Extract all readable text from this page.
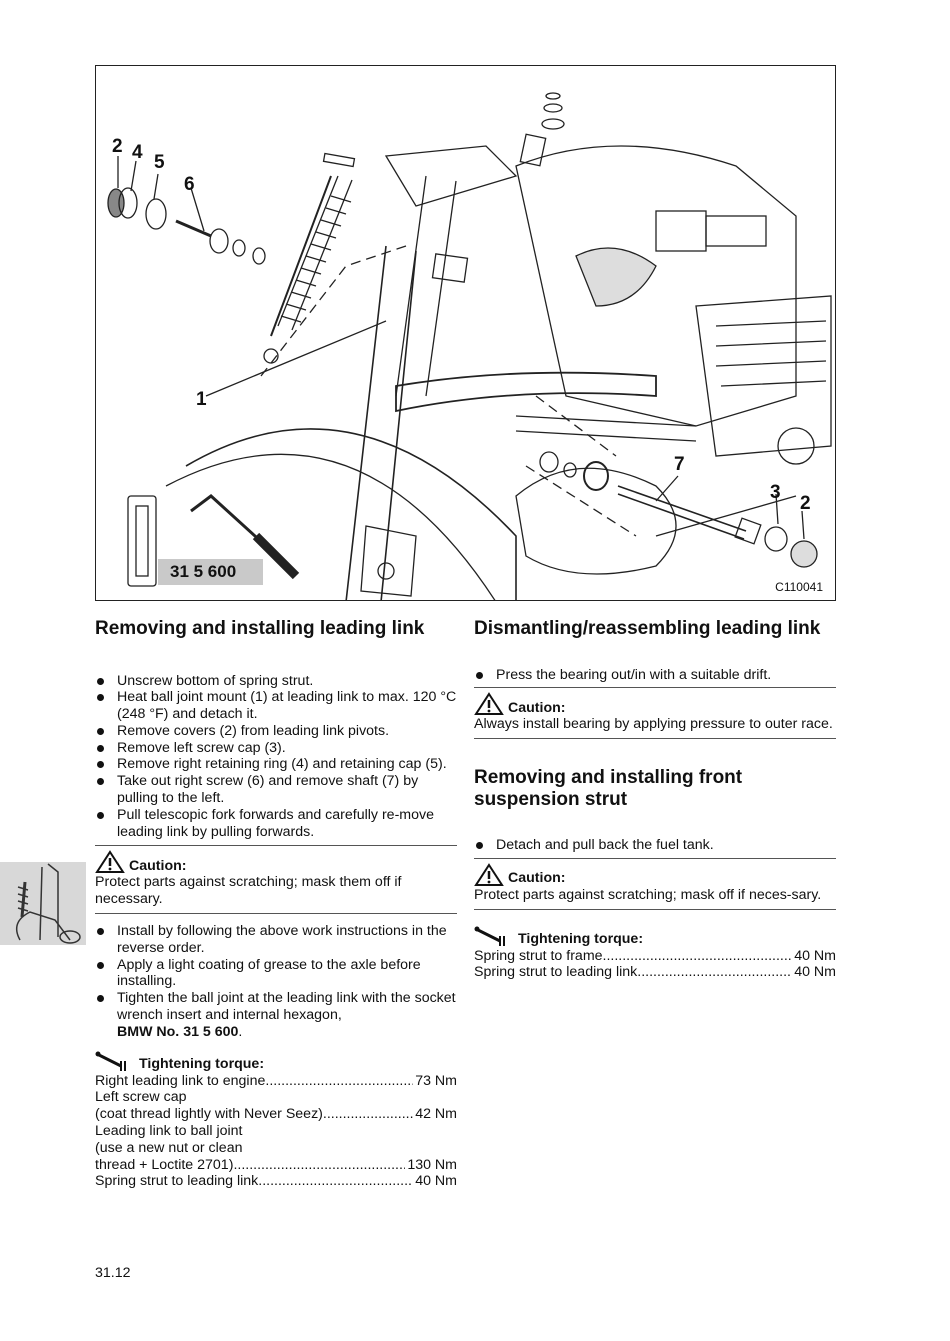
2 4 5
6
1
7
3
2
31 5 600
C110041
Removing and installing leading link
Unscrew bottom of spring strut.
Heat ball joint mount (1) at leading link to max. 120 °C (248 °F) and detach it.
Remove covers (2) from leading link pivots.
Remove left screw cap (3).
Remove right retaining ring (4) and retaining cap (5).
Take out right screw (6) and remove shaft (7) by pulling to the left.
Pull telescopic fork forwards and carefully re-move leading link by pulling forwards.
Caution:
Protect parts against scratching; mask them off if necessary.
Install by following the above work instructions in the reverse order.
Apply a light coating of grease to the axle before installing.
Tighten the ball joint at the leading link with the socket wrench insert and internal hexagon,
BMW No. 31 5 600.
Tightening torque:
Right leading link to engine .....	73 Nm
Left screw cap
(coat thread lightly with Never Seez) .....	42 Nm
Leading link to ball joint
(use a new nut or clean
thread + Loctite 2701) .....	130 Nm
Spring strut to leading link .....	40 Nm
Dismantling/reassembling leading link
Press the bearing out/in with a suitable drift.
Caution:
Always install bearing by applying pressure to outer race.
Removing and installing front suspension strut
Detach and pull back the fuel tank.
Caution:
Protect parts against scratching; mask off if neces-sary.
Tightening torque:
Spring strut to frame .....	40 Nm
Spring strut to leading link .....	40 Nm
31.12
